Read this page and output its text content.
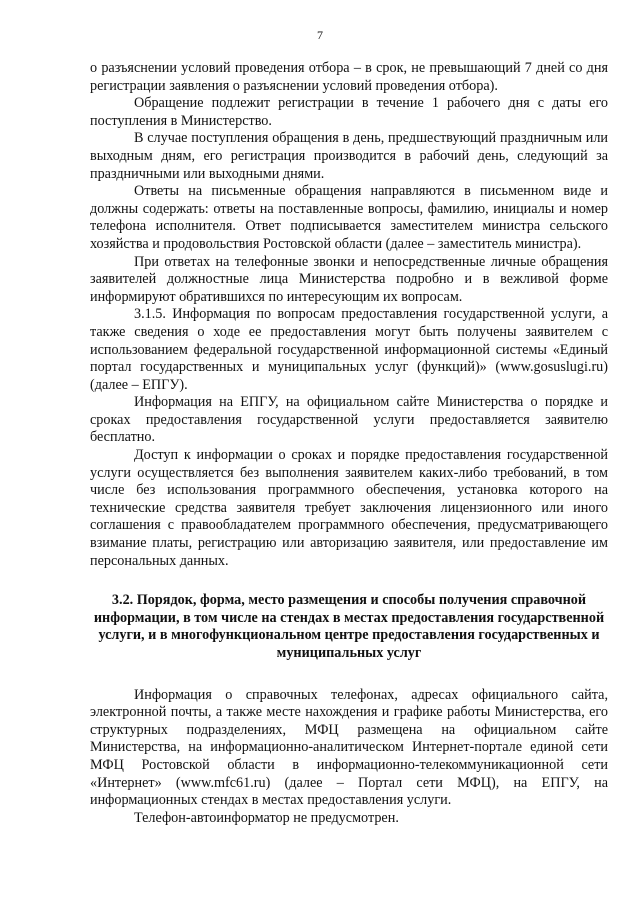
7

о разъяснении условий проведения отбора – в срок, не превышающий 7 дней со дня регистрации заявления о разъяснении условий проведения отбора).

Обращение подлежит регистрации в течение 1 рабочего дня с даты его поступления в Министерство.

В случае поступления обращения в день, предшествующий праздничным или выходным дням, его регистрация производится в рабочий день, следующий за праздничными или выходными днями.

Ответы на письменные обращения направляются в письменном виде и должны содержать: ответы на поставленные вопросы, фамилию, инициалы и номер телефона исполнителя. Ответ подписывается заместителем министра сельского хозяйства и продовольствия Ростовской области (далее – заместитель министра).

При ответах на телефонные звонки и непосредственные личные обращения заявителей должностные лица Министерства подробно и в вежливой форме информируют обратившихся по интересующим их вопросам.

3.1.5. Информация по вопросам предоставления государственной услуги, а также сведения о ходе ее предоставления могут быть получены заявителем с использованием федеральной государственной информационной системы «Единый портал государственных и муниципальных услуг (функций)» (www.gosuslugi.ru) (далее – ЕПГУ).

Информация на ЕПГУ, на официальном сайте Министерства о порядке и сроках предоставления государственной услуги предоставляется заявителю бесплатно.

Доступ к информации о сроках и порядке предоставления государственной услуги осуществляется без выполнения заявителем каких-либо требований, в том числе без использования программного обеспечения, установка которого на технические средства заявителя требует заключения лицензионного или иного соглашения с правообладателем программного обеспечения, предусматривающего взимание платы, регистрацию или авторизацию заявителя, или предоставление им персональных данных.

3.2. Порядок, форма, место размещения и способы получения справочной информации, в том числе на стендах в местах предоставления государственной услуги, и в многофункциональном центре предоставления государственных и муниципальных услуг

Информация о справочных телефонах, адресах официального сайта, электронной почты, а также месте нахождения и графике работы Министерства, его структурных подразделениях, МФЦ размещена на официальном сайте Министерства, на информационно-аналитическом Интернет-портале единой сети МФЦ Ростовской области в информационно-телекоммуникационной сети «Интернет» (www.mfc61.ru) (далее – Портал сети МФЦ), на ЕПГУ, на информационных стендах в местах предоставления услуги.

Телефон-автоинформатор не предусмотрен.
